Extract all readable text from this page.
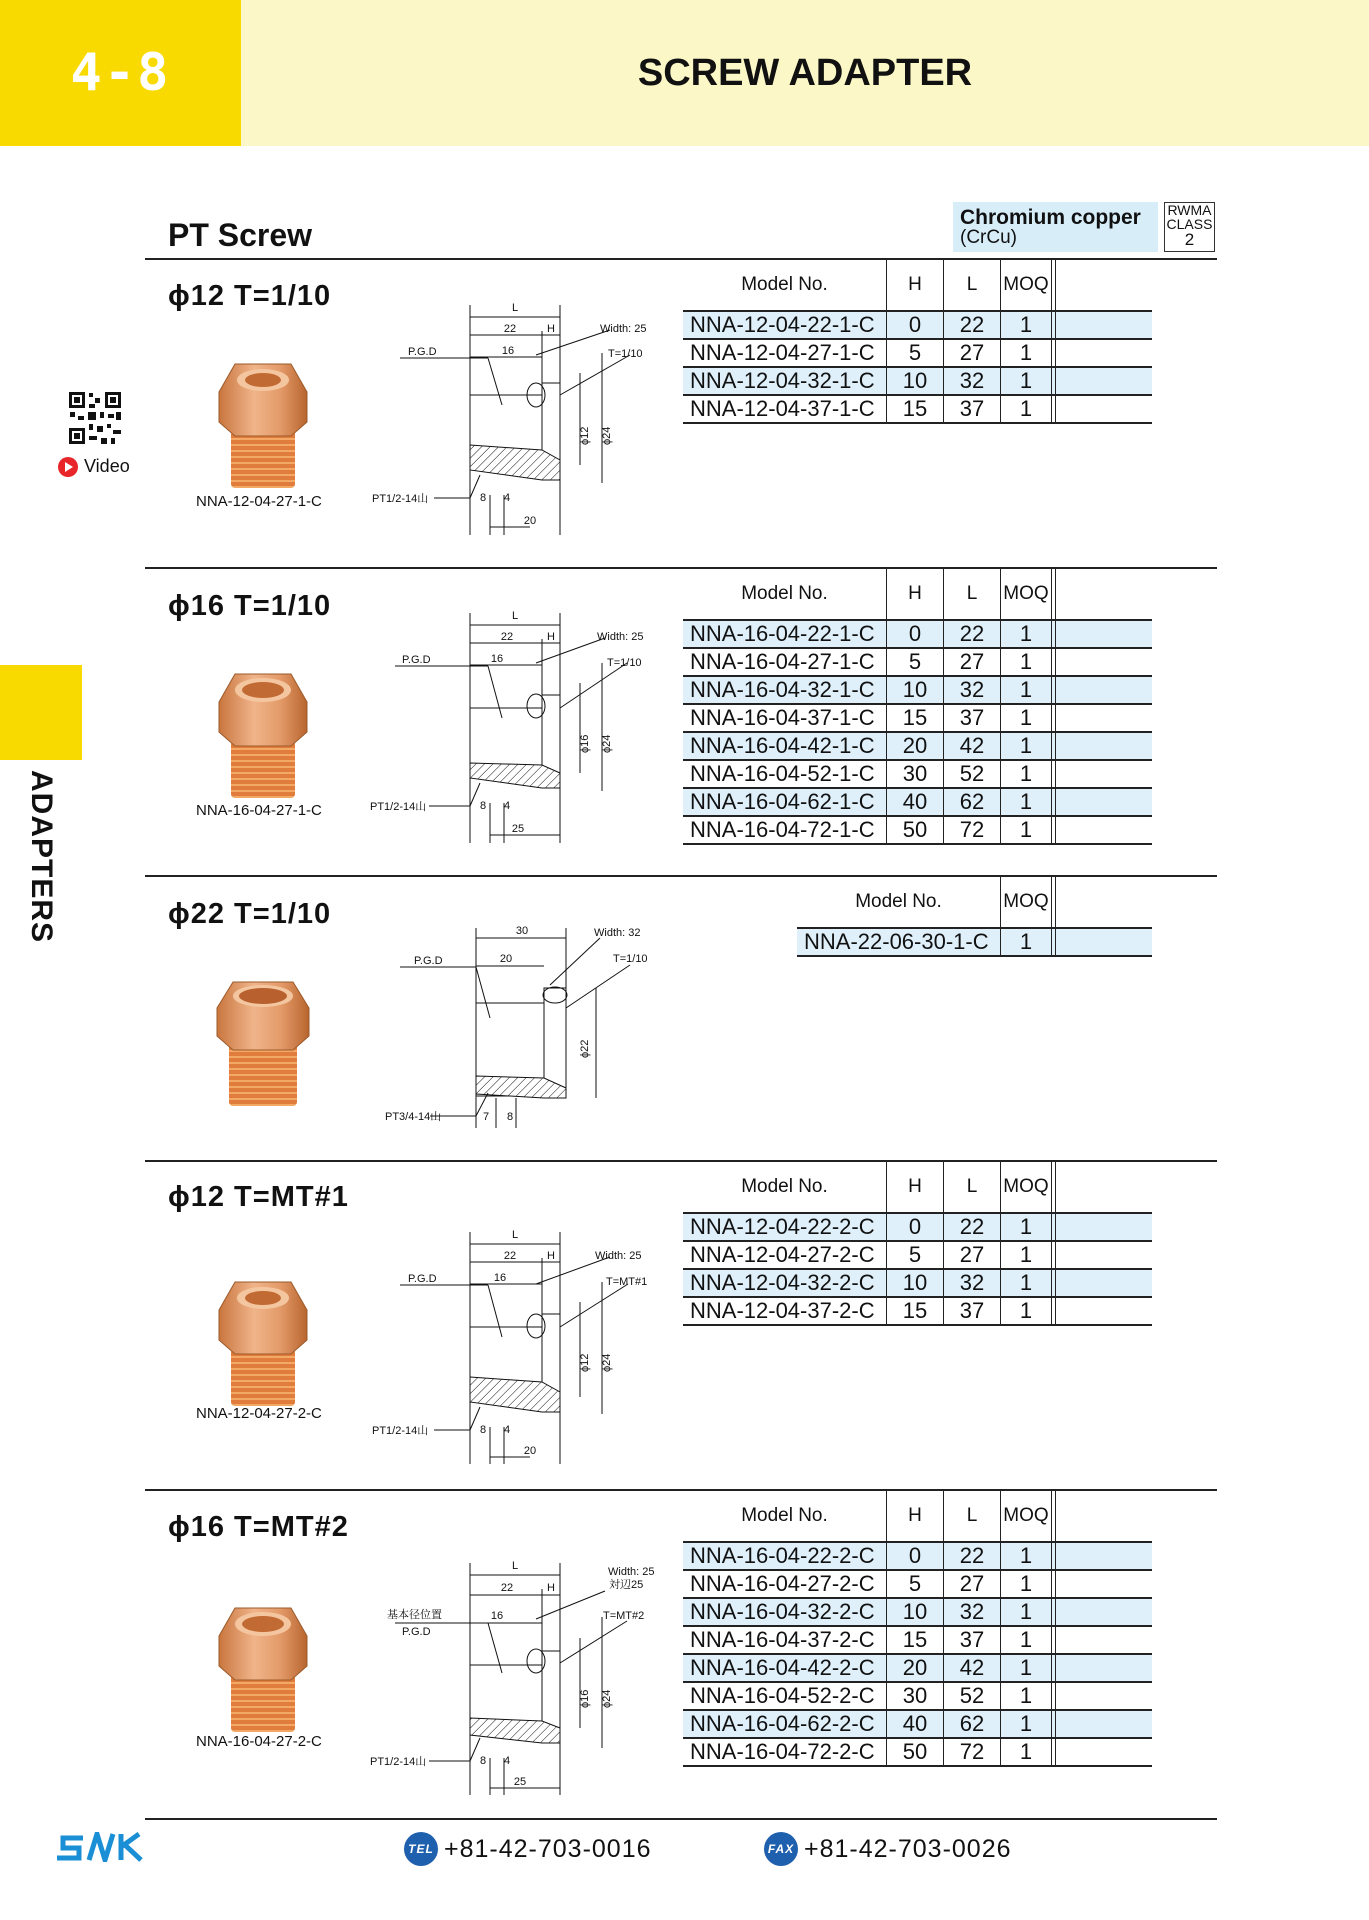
4-8	SCREW ADAPTER
ADAPTERS
Video
PT Screw	Chromium copper
(CrCu)
RWMA CLASS
2
ϕ12 T=1/10
NNA-12-04-27-1-C
L
22	H
16
Width: 25
T=1/10
P.G.D
PT1/2-14山	8 4
20
ϕ12 ϕ24
Model No.	H	L	MOQ		
NNA-12-04-22-1-C	0	22	1		
NNA-12-04-27-1-C	5	27	1		
NNA-12-04-32-1-C	10	32	1		
NNA-12-04-37-1-C	15	37	1		
ϕ16 T=1/10
NNA-16-04-27-1-C
L
22	H
16
Width: 25
T=1/10
P.G.D
PT1/2-14山	8 4
25
ϕ16 ϕ24
Model No.	H	L	MOQ		
NNA-16-04-22-1-C	0	22	1		
NNA-16-04-27-1-C	5	27	1		
NNA-16-04-32-1-C	10	32	1		
NNA-16-04-37-1-C	15	37	1		
NNA-16-04-42-1-C	20	42	1		
NNA-16-04-52-1-C	30	52	1		
NNA-16-04-62-1-C	40	62	1		
NNA-16-04-72-1-C	50	72	1		
ϕ22 T=1/10
30
20
Width: 32
T=1/10
P.G.D
PT3/4-14山	7 8
ϕ22
Model No.	MOQ		
NNA-22-06-30-1-C	1		
ϕ12 T=MT#1
NNA-12-04-27-2-C
L
22	H
16
Width: 25
T=MT#1
P.G.D
PT1/2-14山	8 4
20
ϕ12 ϕ24
Model No.	H	L	MOQ		
NNA-12-04-22-2-C	0	22	1		
NNA-12-04-27-2-C	5	27	1		
NNA-12-04-32-2-C	10	32	1		
NNA-12-04-37-2-C	15	37	1		
ϕ16 T=MT#2
NNA-16-04-27-2-C
L
22	H
16
Width: 25
対辺25
T=MT#2
基本径位置
P.G.D
PT1/2-14山	8 4
25
ϕ16 ϕ24
Model No.	H	L	MOQ		
NNA-16-04-22-2-C	0	22	1		
NNA-16-04-27-2-C	5	27	1		
NNA-16-04-32-2-C	10	32	1		
NNA-16-04-37-2-C	15	37	1		
NNA-16-04-42-2-C	20	42	1		
NNA-16-04-52-2-C	30	52	1		
NNA-16-04-62-2-C	40	62	1		
NNA-16-04-72-2-C	50	72	1		
TEL +81-42-703-0016	FAX +81-42-703-0026
